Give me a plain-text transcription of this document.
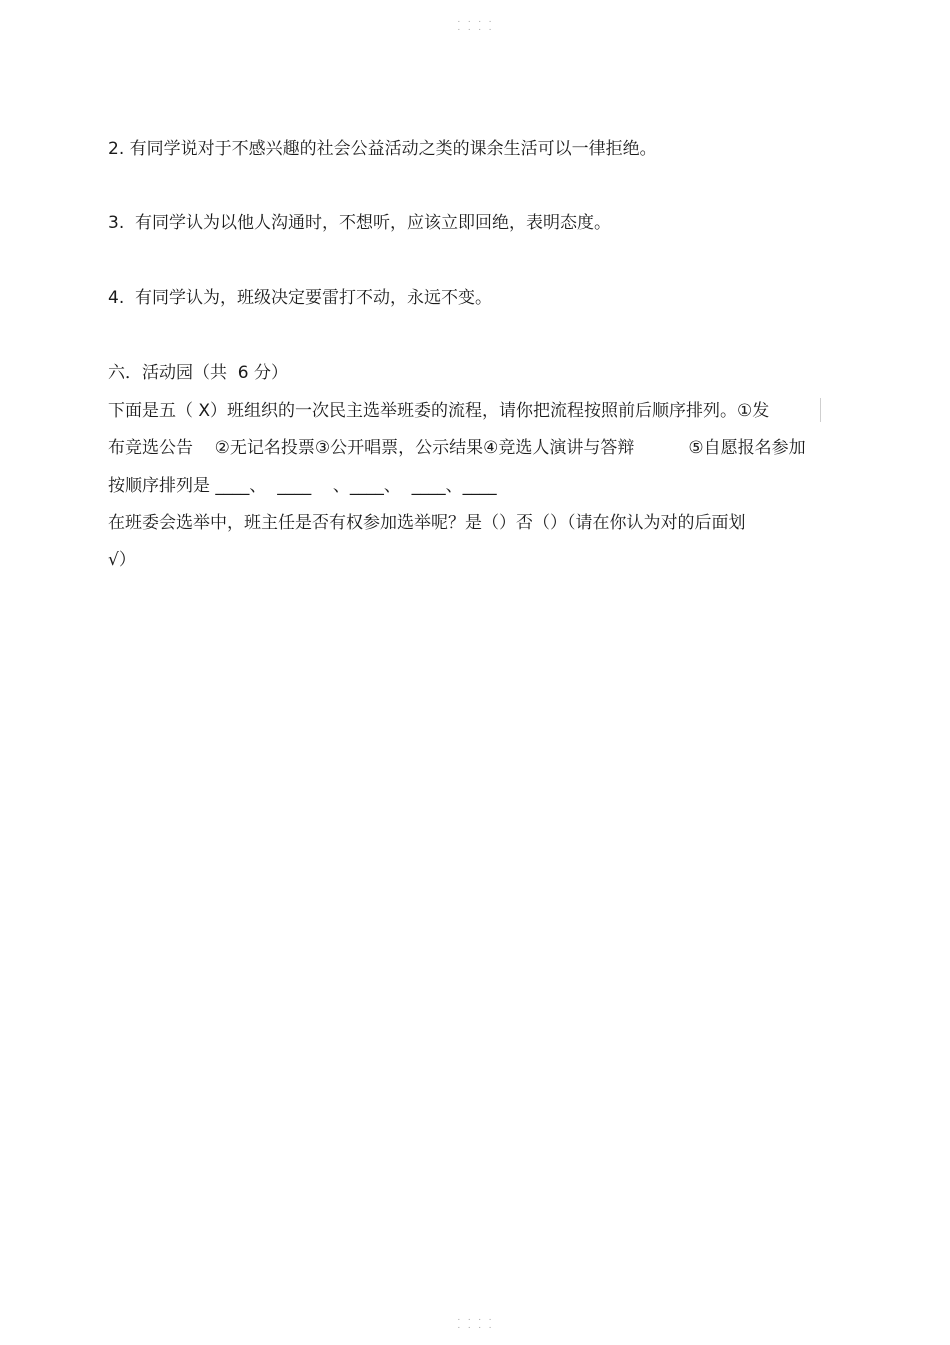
· · · · · · · ·
2. 有同学说对于不感兴趣的社会公益活动之类的课余生活可以一律拒绝。
3.  有同学认为以他人沟通时，不想听，应该立即回绝，表明态度。
4.  有同学认为，班级决定要雷打不动，永远不变。
六．活动园（共  6 分）
下面是五（ X）班组织的一次民主选举班委的流程，请你把流程按照前后顺序排列。①发
布竞选公告    ②无记名投票③公开唱票，公示结果④竞选人演讲与答辩          ⑤自愿报名参加
按顺序排列是 ____、  ____    、____、  ____、____
在班委会选举中，班主任是否有权参加选举呢？是（）否（）（请在你认为对的后面划
√）
· · · · · · · ·
